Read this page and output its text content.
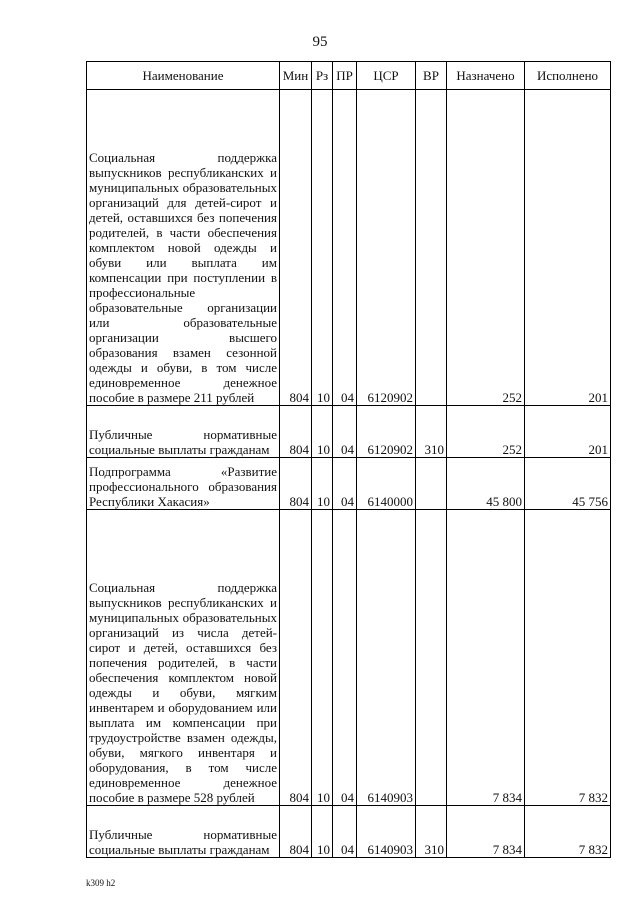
95
Наименование	Мин	Рз	ПР	ЦСР	ВР	Назначено	Исполнено
Социальная поддержка выпускников республиканских и муниципальных образовательных организаций для детей-сирот и детей, оставшихся без попечения родителей, в части обеспечения комплектом новой одежды и обуви или выплата им компенсации при поступлении в профессиональные образовательные организации или образовательные организации высшего образования взамен сезонной одежды и обуви, в том числе единовременное денежное пособие в размере 211 рублей	804	10	04	6120902		252	201
Публичные нормативные социальные выплаты гражданам	804	10	04	6120902	310	252	201
Подпрограмма «Развитие профессионального образования Республики Хакасия»	804	10	04	6140000		45 800	45 756
Социальная поддержка выпускников республиканских и муниципальных образовательных организаций из числа детей-сирот и детей, оставшихся без попечения родителей, в части обеспечения комплектом новой одежды и обуви, мягким инвентарем и оборудованием или выплата им компенсации при трудоустройстве взамен одежды, обуви, мягкого инвентаря и оборудования, в том числе единовременное денежное пособие в размере 528 рублей	804	10	04	6140903		7 834	7 832
Публичные нормативные социальные выплаты гражданам	804	10	04	6140903	310	7 834	7 832
k309 h2
